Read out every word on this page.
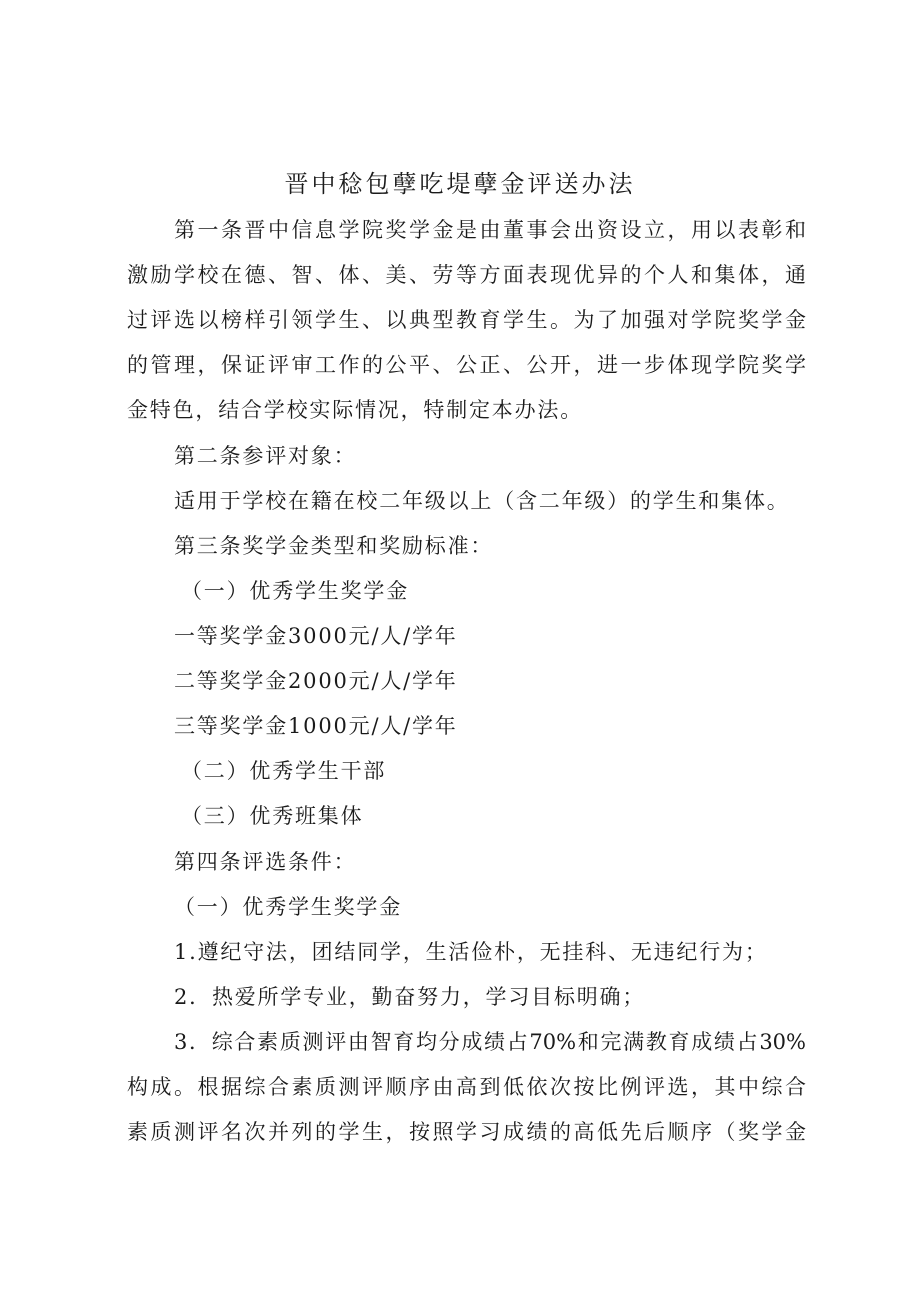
晋中稔包孽吃堤孽金评送办法
第一条晋中信息学院奖学金是由董事会出资设立，用以表彰和
激励学校在德、智、体、美、劳等方面表现优异的个人和集体，通
过评选以榜样引领学生、以典型教育学生。为了加强对学院奖学金
的管理，保证评审工作的公平、公正、公开，进一步体现学院奖学
金特色，结合学校实际情况，特制定本办法。
第二条参评对象：
适用于学校在籍在校二年级以上（含二年级）的学生和集体。
第三条奖学金类型和奖励标准：
（一）优秀学生奖学金
一等奖学金3000元/人/学年
二等奖学金2000元/人/学年
三等奖学金1000元/人/学年
（二）优秀学生干部
（三）优秀班集体
第四条评选条件：
（一）优秀学生奖学金
1.遵纪守法，团结同学，生活俭朴，无挂科、无违纪行为；
2．热爱所学专业，勤奋努力，学习目标明确；
3．综合素质测评由智育均分成绩占70%和完满教育成绩占30%
构成。根据综合素质测评顺序由高到低依次按比例评选，其中综合
素质测评名次并列的学生，按照学习成绩的高低先后顺序（奖学金
